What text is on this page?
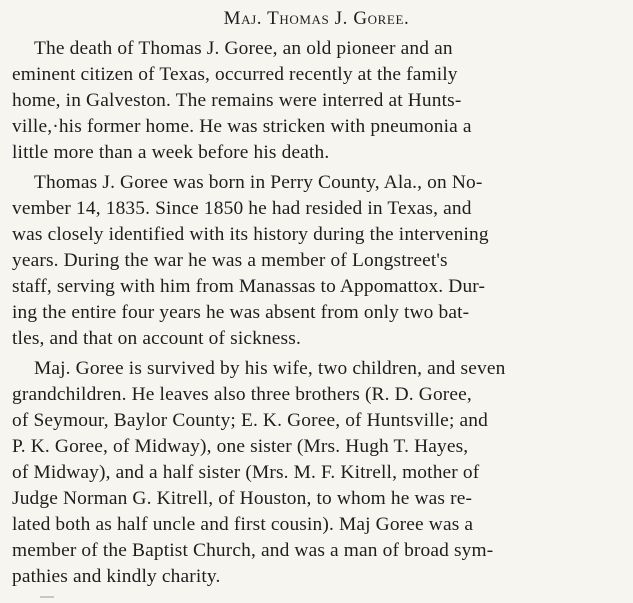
Maj. Thomas J. Goree.
The death of Thomas J. Goree, an old pioneer and an
eminent citizen of Texas, occurred recently at the family
home, in Galveston. The remains were interred at Hunts-
ville,·his former home. He was stricken with pneumonia a
little more than a week before his death.
Thomas J. Goree was born in Perry County, Ala., on No-
vember 14, 1835. Since 1850 he had resided in Texas, and
was closely identified with its history during the intervening
years. During the war he was a member of Longstreet's
staff, serving with him from Manassas to Appomattox. Dur-
ing the entire four years he was absent from only two bat-
tles, and that on account of sickness.
Maj. Goree is survived by his wife, two children, and seven
grandchildren. He leaves also three brothers (R. D. Goree,
of Seymour, Baylor County; E. K. Goree, of Huntsville; and
P. K. Goree, of Midway), one sister (Mrs. Hugh T. Hayes,
of Midway), and a half sister (Mrs. M. F. Kitrell, mother of
Judge Norman G. Kitrell, of Houston, to whom he was re-
lated both as half uncle and first cousin). Maj Goree was a
member of the Baptist Church, and was a man of broad sym-
pathies and kindly charity.
